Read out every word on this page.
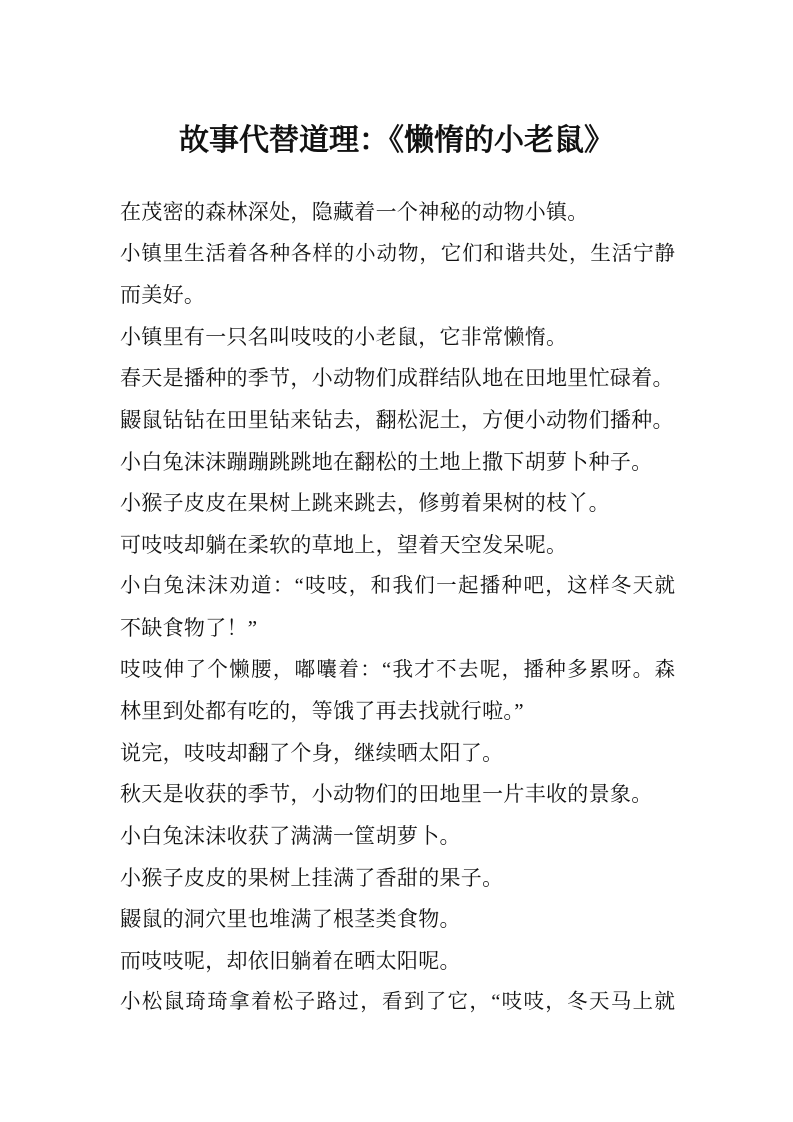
故事代替道理：《懒惰的小老鼠》
在茂密的森林深处，隐藏着一个神秘的动物小镇。
小镇里生活着各种各样的小动物，它们和谐共处，生活宁静
而美好。
小镇里有一只名叫吱吱的小老鼠，它非常懒惰。
春天是播种的季节，小动物们成群结队地在田地里忙碌着。
鼹鼠钻钻在田里钻来钻去，翻松泥土，方便小动物们播种。
小白兔沫沫蹦蹦跳跳地在翻松的土地上撒下胡萝卜种子。
小猴子皮皮在果树上跳来跳去，修剪着果树的枝丫。
可吱吱却躺在柔软的草地上，望着天空发呆呢。
小白兔沫沫劝道：“吱吱，和我们一起播种吧，这样冬天就
不缺食物了！”
吱吱伸了个懒腰，嘟囔着：“我才不去呢，播种多累呀。森
林里到处都有吃的，等饿了再去找就行啦。”
说完，吱吱却翻了个身，继续晒太阳了。
秋天是收获的季节，小动物们的田地里一片丰收的景象。
小白兔沫沫收获了满满一筐胡萝卜。
小猴子皮皮的果树上挂满了香甜的果子。
鼹鼠的洞穴里也堆满了根茎类食物。
而吱吱呢，却依旧躺着在晒太阳呢。
小松鼠琦琦拿着松子路过，看到了它，“吱吱，冬天马上就
